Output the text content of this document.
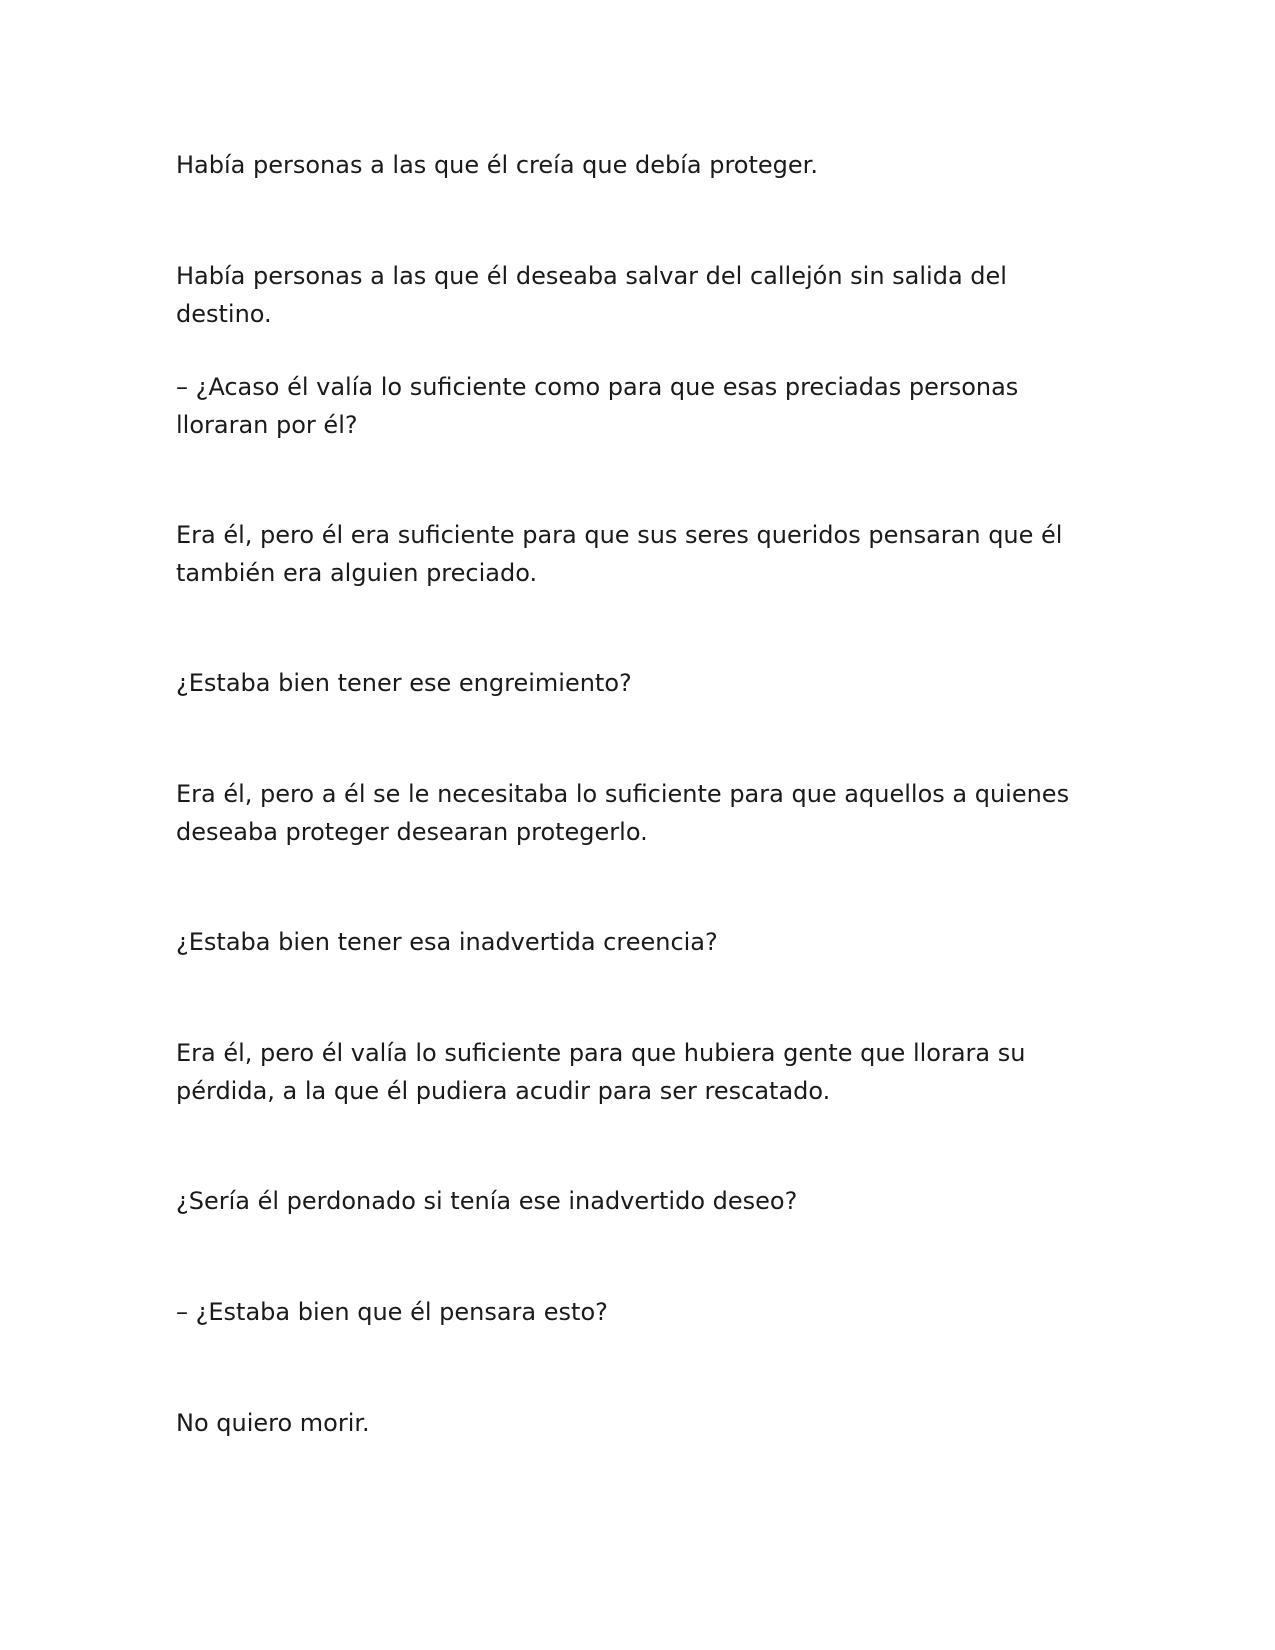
Había personas a las que él creía que debía proteger.

Había personas a las que él deseaba salvar del callejón sin salida del destino.

– ¿Acaso él valía lo suficiente como para que esas preciadas personas lloraran por él?

Era él, pero él era suficiente para que sus seres queridos pensaran que él también era alguien preciado.

¿Estaba bien tener ese engreimiento?

Era él, pero a él se le necesitaba lo suficiente para que aquellos a quienes deseaba proteger desearan protegerlo.

¿Estaba bien tener esa inadvertida creencia?

Era él, pero él valía lo suficiente para que hubiera gente que llorara su pérdida, a la que él pudiera acudir para ser rescatado.

¿Sería él perdonado si tenía ese inadvertido deseo?

– ¿Estaba bien que él pensara esto?

No quiero morir.
